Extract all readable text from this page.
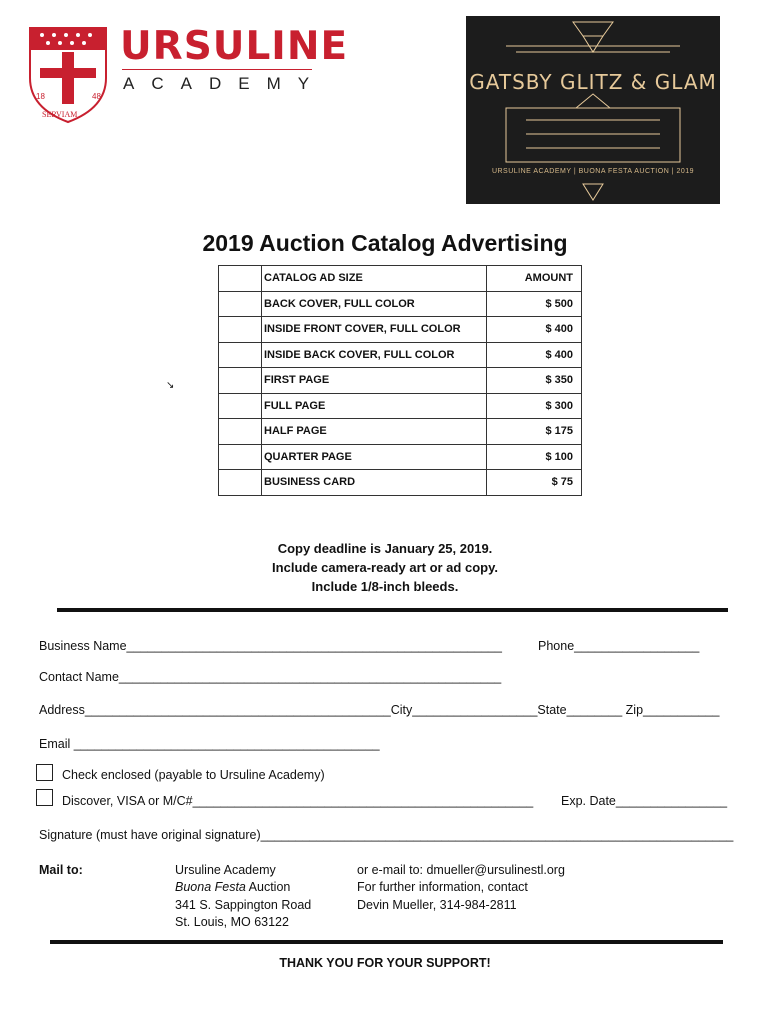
18	48
SERVIAM
URSULINE
ACADEMY	GATSBY GLITZ & GLAM
URSULINE ACADEMY | BUONA FESTA AUCTION | 2019
2019 Auction Catalog Advertising
	CATALOG AD SIZE	AMOUNT
	BACK COVER, FULL COLOR	$ 500
	INSIDE FRONT COVER, FULL COLOR	$ 400
	INSIDE BACK COVER, FULL COLOR	$ 400
	FIRST PAGE	$ 350
	FULL PAGE	$ 300
	HALF PAGE	$ 175
	QUARTER PAGE	$ 100
	BUSINESS CARD	$ 75
↘
Copy deadline is January 25, 2019.
Include camera-ready art or ad copy.
Include 1/8-inch bleeds.
Business Name______________________________________________________	Phone__________________
Contact Name_______________________________________________________
Address____________________________________________City__________________State________ Zip___________
Email ____________________________________________
Check enclosed (payable to Ursuline Academy)
Discover, VISA or M/C#_________________________________________________ Exp. Date________________
Signature (must have original signature)____________________________________________________________________
Mail to:	Ursuline Academy
Buona Festa Auction
341 S. Sappington Road
St. Louis, MO 63122
or e-mail to: dmueller@ursulinestl.org
For further information, contact
Devin Mueller, 314-984-2811
THANK YOU FOR YOUR SUPPORT!
